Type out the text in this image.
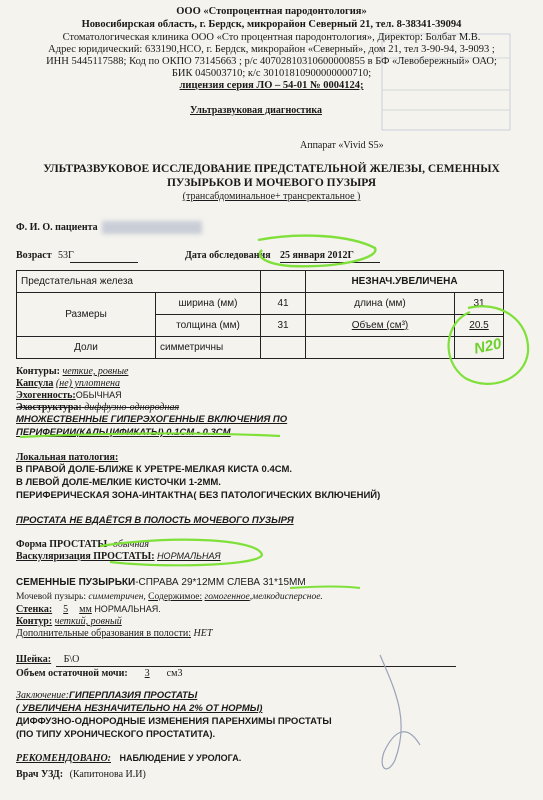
ООО «Стопроцентная пародонтология»
Новосибирская область, г. Бердск, микрорайон Северный 21, тел. 8-38341-39094
Стоматологическая клиника ООО «Сто процентная пародонтология», Директор: Болбат М.В.
Адрес юридический: 633190,НСО, г. Бердск, микрорайон «Северный», дом 21, тел 3-90-94, 3-9093 ;
ИНН 5445117588; Код по ОКПО 73145663 ; р/с 40702810310600000855 в БФ «Левобережный» ОАО;
БИК 045003710; к/с 30101810900000000710;
лицензия серия ЛО – 54-01 № 0004124;
Ультразвуковая диагностика
Аппарат «Vivid S5»
УЛЬТРАЗВУКОВОЕ ИССЛЕДОВАНИЕ ПРЕДСТАТЕЛЬНОЙ ЖЕЛЕЗЫ, СЕМЕННЫХ
ПУЗЫРЬКОВ И МОЧЕВОГО ПУЗЫРЯ
(трансабдоминальное+ трансректальное )
Ф. И. О. пациента
Возраст 53Г	Дата обследования 25 января 2012Г
Предстательная железа			НЕЗНАЧ.УВЕЛИЧЕНА	
Размеры	ширина (мм)	41	длина (мм)	31
	толщина (мм)	31	Объем (см³)	20.5
Доли	симметричны			
Контуры: четкие, ровные
Капсула (не) уплотнена
Эхогенность:ОБЫЧНАЯ
Эхоструктура: диффузно-однородная
МНОЖЕСТВЕННЫЕ ГИПЕРЭХОГЕННЫЕ ВКЛЮЧЕНИЯ ПО
ПЕРИФЕРИИ(КАЛЬЦИФИКАТЫ) 0.1СМ - 0.3СМ
Локальная патология:
В ПРАВОЙ ДОЛЕ-БЛИЖЕ К УРЕТРЕ-МЕЛКАЯ КИСТА 0.4СМ.
В ЛЕВОЙ ДОЛЕ-МЕЛКИЕ КИСТОЧКИ 1-2ММ.
ПЕРИФЕРИЧЕСКАЯ ЗОНА-ИНТАКТНА( БЕЗ ПАТОЛОГИЧЕСКИХ ВКЛЮЧЕНИЙ)
ПРОСТАТА НЕ ВДАЁТСЯ В ПОЛОСТЬ МОЧЕВОГО ПУЗЫРЯ
Форма ПРОСТАТЫ- обычная
Васкуляризация ПРОСТАТЫ: НОРМАЛЬНАЯ
СЕМЕННЫЕ ПУЗЫРЬКИ-СПРАВА 29*12ММ СЛЕВА 31*15ММ
Мочевой пузырь: симметричен, Содержимое: гомогенное,мелкодисперсное.
Стенка: 5 мм НОРМАЛЬНАЯ.
Контур: четкий, ровный
Дополнительные образования в полости: НЕТ
Шейка: Б\О
Объем остаточной мочи: 3 см3
Заключение:ГИПЕРПЛАЗИЯ ПРОСТАТЫ
( УВЕЛИЧЕНА НЕЗНАЧИТЕЛЬНО НА 2% ОТ НОРМЫ)
ДИФФУЗНО-ОДНОРОДНЫЕ ИЗМЕНЕНИЯ ПАРЕНХИМЫ ПРОСТАТЫ
(ПО ТИПУ ХРОНИЧЕСКОГО ПРОСТАТИТА).
РЕКОМЕНДОВАНО: НАБЛЮДЕНИЕ У УРОЛОГА.
Врач УЗД: (Капитонова И.И)
N20
